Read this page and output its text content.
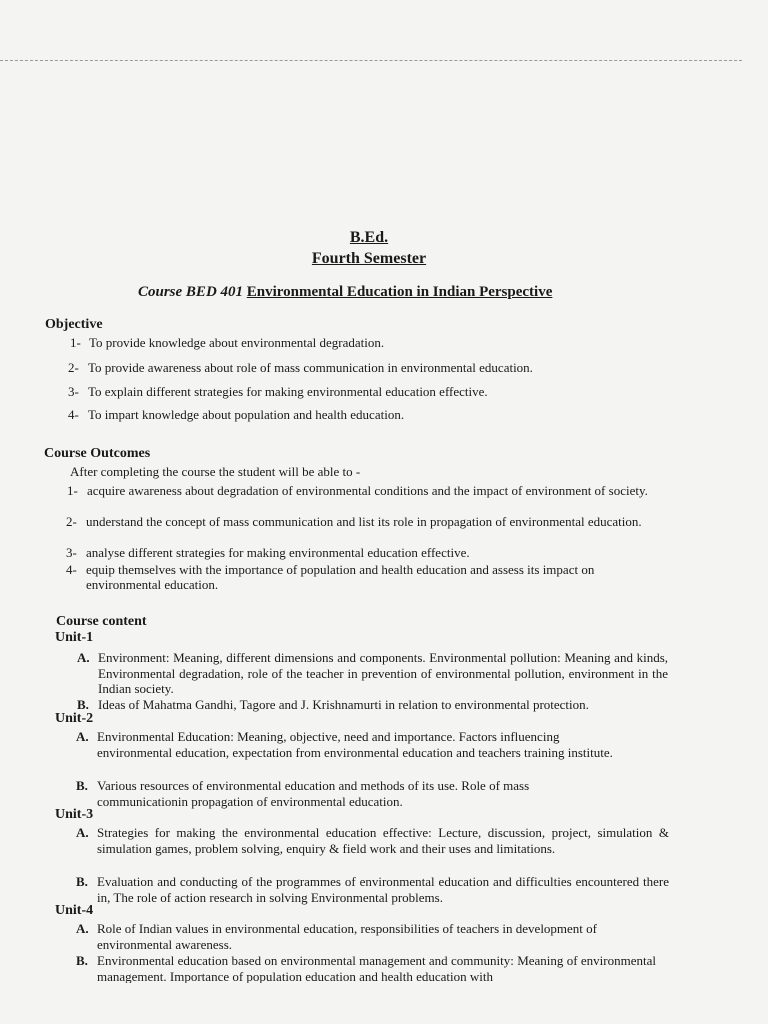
B.Ed.
Fourth Semester
Course BED 401 Environmental Education in Indian Perspective
Objective
1- To provide knowledge about environmental degradation.
2- To provide awareness about role of mass communication in environmental education.
3- To explain different strategies for making environmental education effective.
4- To impart knowledge about population and health education.
Course Outcomes
After completing the course the student will be able to -
1- acquire awareness about degradation of environmental conditions and the impact of environment of society.
2- understand the concept of mass communication and list its role in propagation of environmental education.
3- analyse different strategies for making environmental education effective.
4- equip themselves with the importance of population and health education and assess its impact on environmental education.
Course content
Unit-1
A. Environment: Meaning, different dimensions and components. Environmental pollution: Meaning and kinds, Environmental degradation, role of the teacher in prevention of environmental pollution, environment in the Indian society.
B. Ideas of Mahatma Gandhi, Tagore and J. Krishnamurti in relation to environmental protection.
Unit-2
A. Environmental Education: Meaning, objective, need and importance. Factors influencing environmental education, expectation from environmental education and teachers training institute.
B. Various resources of environmental education and methods of its use. Role of mass communicationin propagation of environmental education.
Unit-3
A. Strategies for making the environmental education effective: Lecture, discussion, project, simulation & simulation games, problem solving, enquiry & field work and their uses and limitations.
B. Evaluation and conducting of the programmes of environmental education and difficulties encountered there in, The role of action research in solving Environmental problems.
Unit-4
A. Role of Indian values in environmental education, responsibilities of teachers in development of environmental awareness.
B. Environmental education based on environmental management and community: Meaning of environmental management. Importance of population education and health education with
